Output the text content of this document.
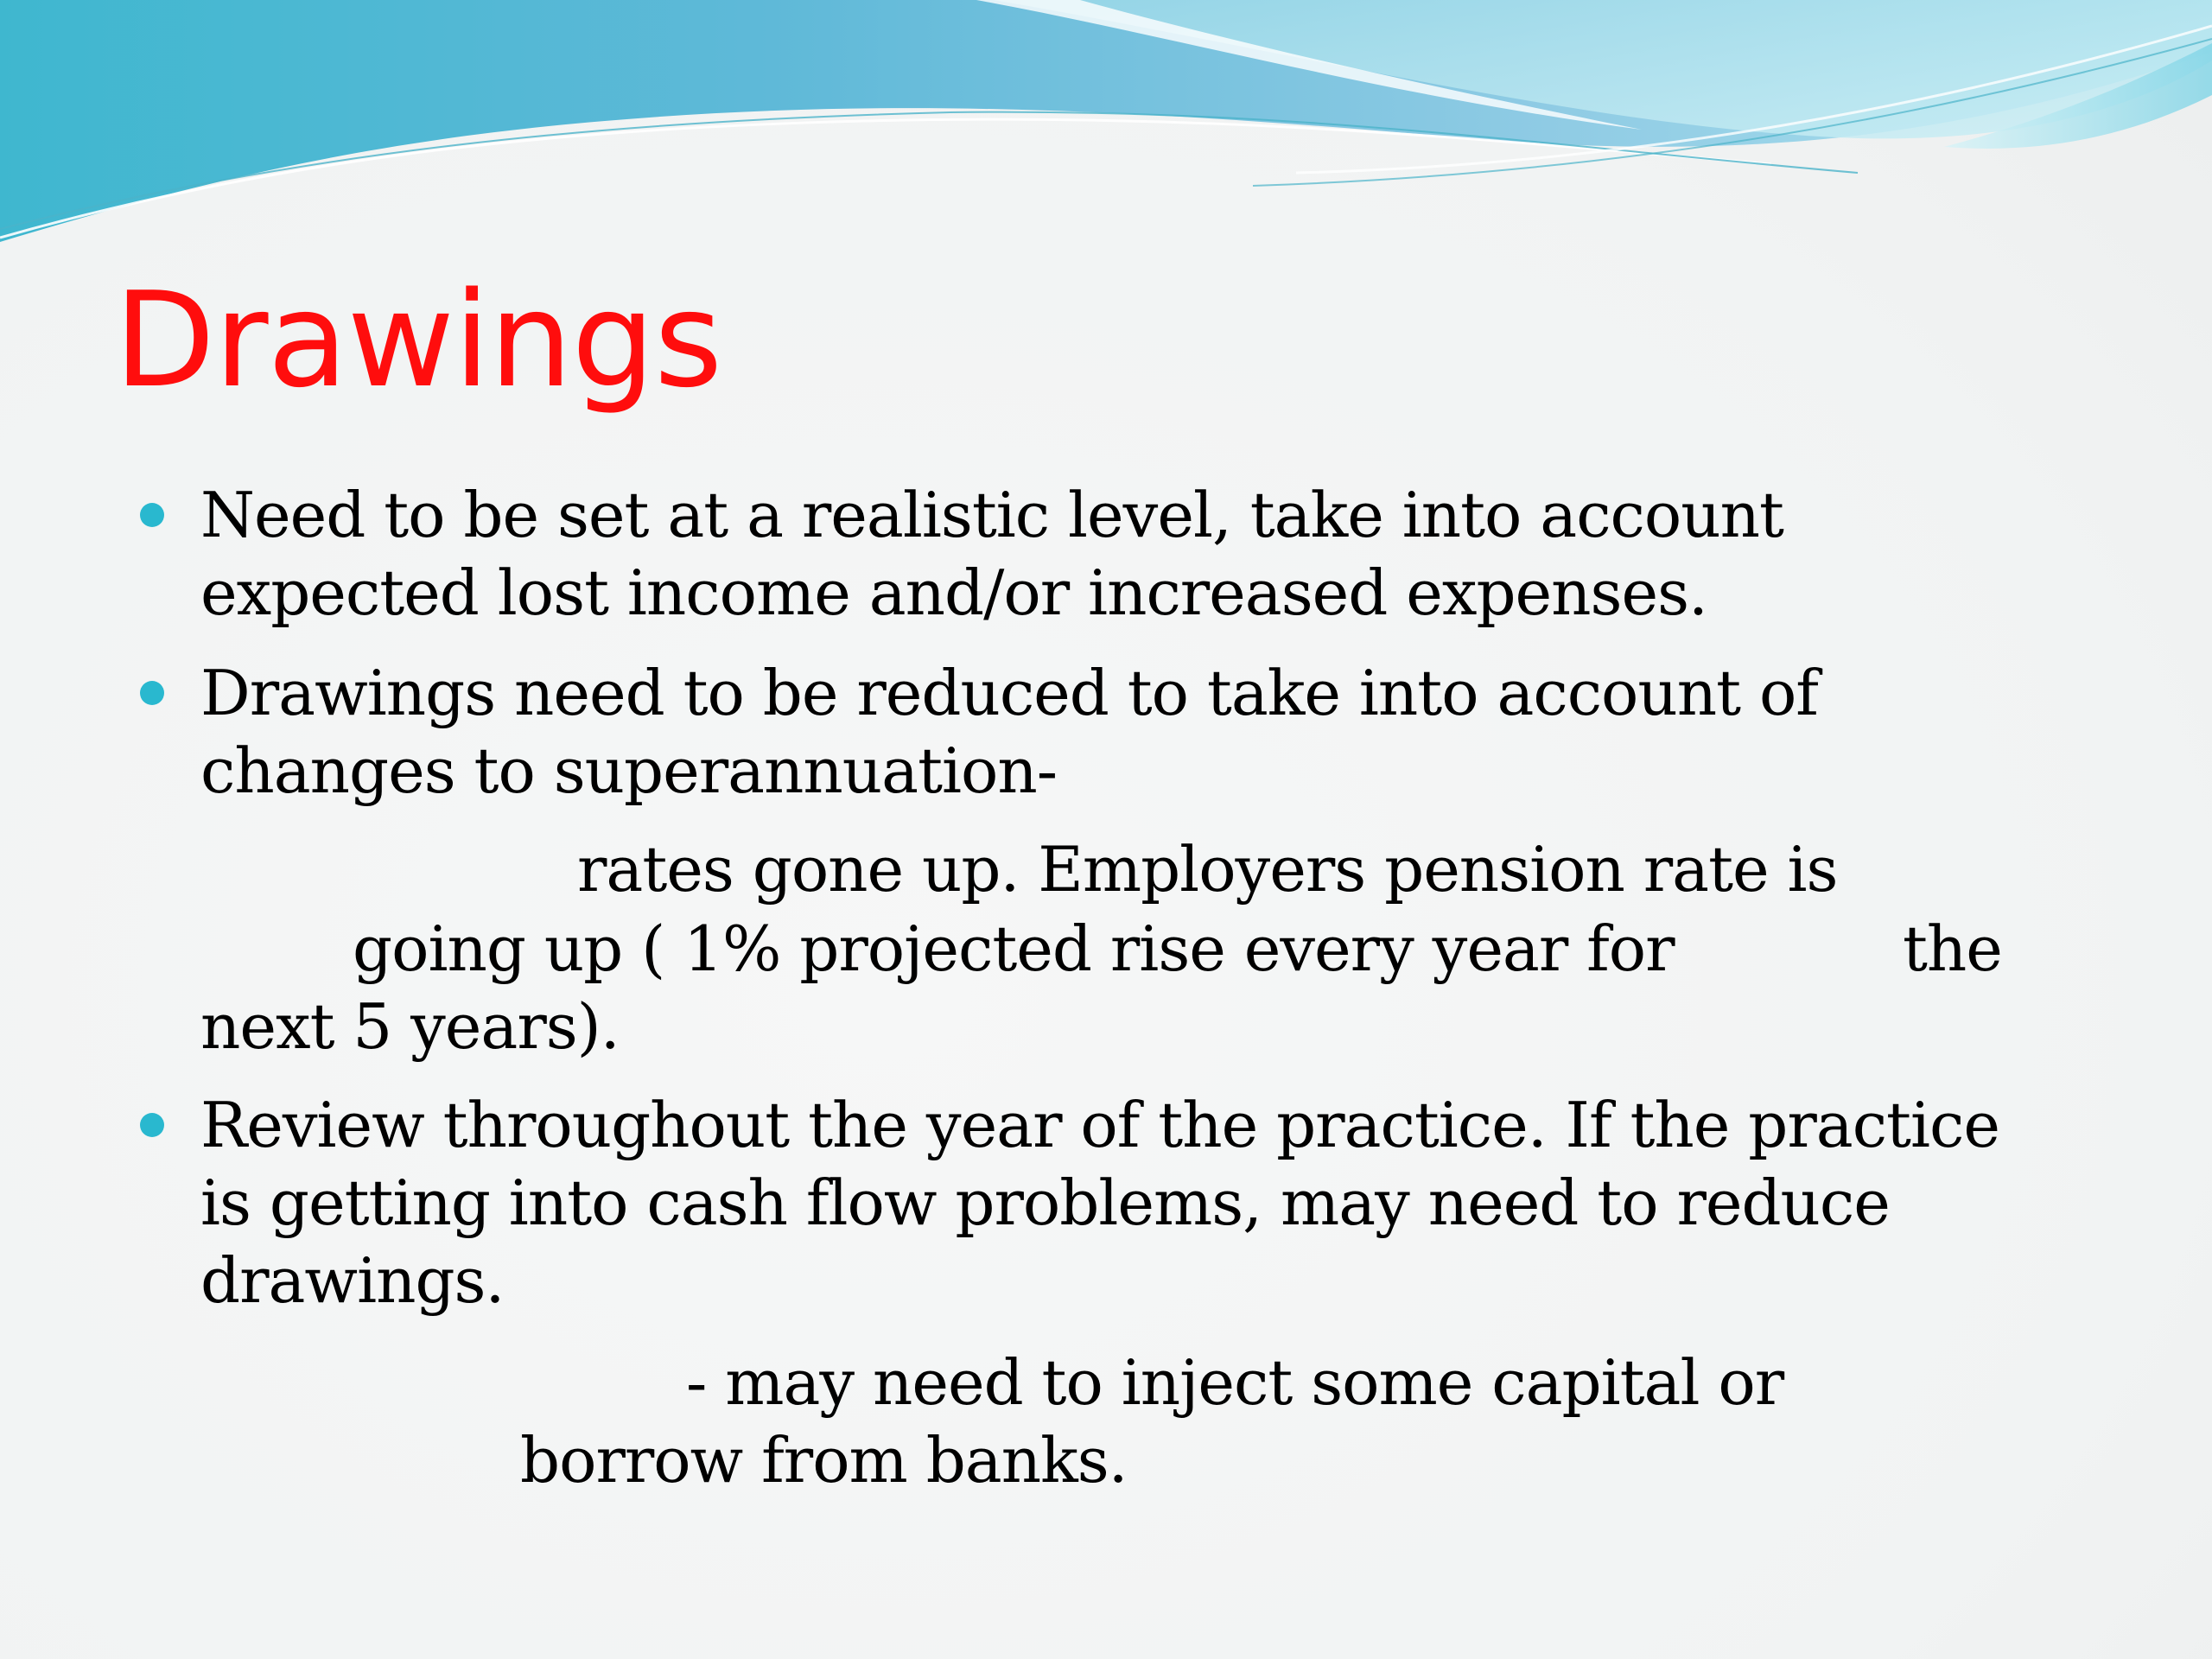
Drawings
Need to be set at a realistic level, take into account
expected lost income and/or increased expenses.
Drawings need to be reduced to take into account of
changes to superannuation-
rates gone up. Employers pension rate is
going up ( 1% projected rise every year for	the
next 5 years).
Review throughout the year of the practice. If the practice
is getting into cash flow problems, may need to reduce
drawings.
- may need to inject some capital or
borrow from banks.
